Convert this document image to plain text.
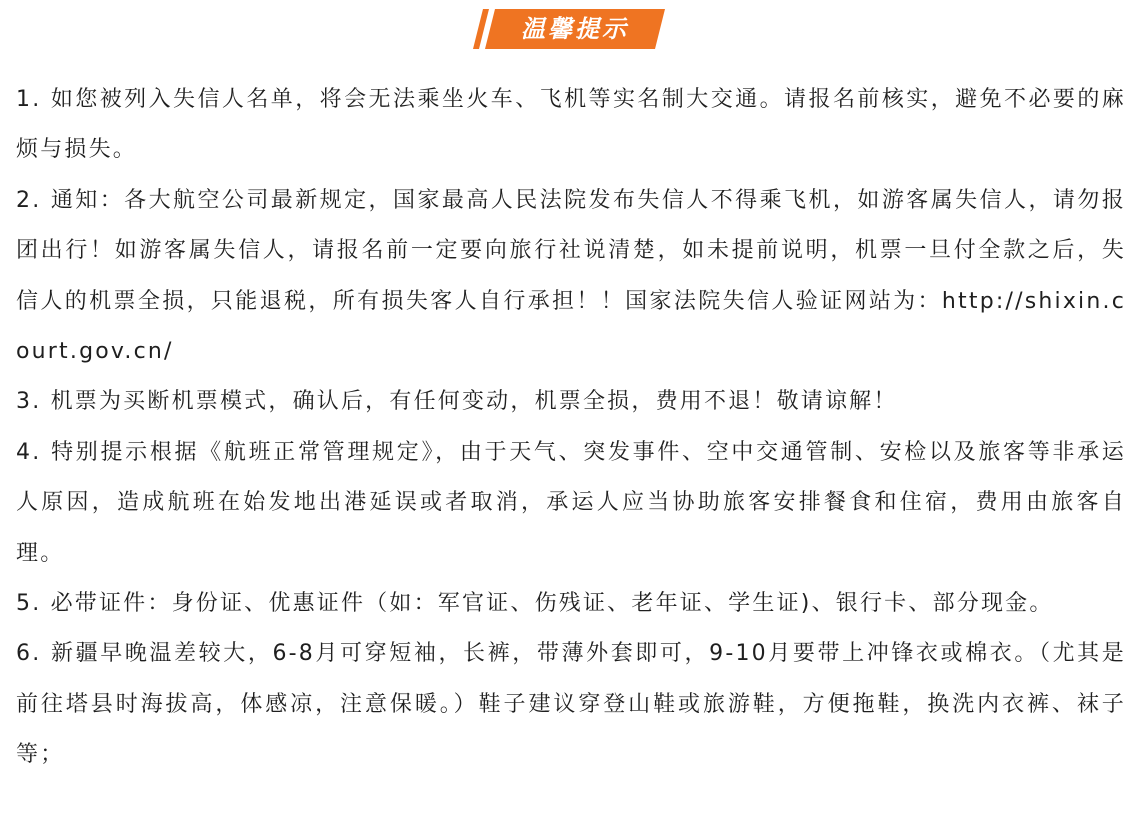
温馨提示

1. 如您被列入失信人名单，将会无法乘坐火车、飞机等实名制大交通。请报名前核实，避免不必要的麻烦与损失。

2. 通知：各大航空公司最新规定，国家最高人民法院发布失信人不得乘飞机，如游客属失信人，请勿报团出行！如游客属失信人，请报名前一定要向旅行社说清楚，如未提前说明，机票一旦付全款之后，失信人的机票全损，只能退税，所有损失客人自行承担！！国家法院失信人验证网站为：http://shixin.court.gov.cn/

3. 机票为买断机票模式，确认后，有任何变动，机票全损，费用不退！敬请谅解！

4. 特别提示根据《航班正常管理规定》，由于天气、突发事件、空中交通管制、安检以及旅客等非承运人原因，造成航班在始发地出港延误或者取消，承运人应当协助旅客安排餐食和住宿，费用由旅客自理。

5. 必带证件：身份证、优惠证件（如：军官证、伤残证、老年证、学生证)、银行卡、部分现金。

6. 新疆早晚温差较大，6-8月可穿短袖，长裤，带薄外套即可，9-10月要带上冲锋衣或棉衣。（尤其是前往塔县时海拔高，体感凉，注意保暖。）鞋子建议穿登山鞋或旅游鞋，方便拖鞋，换洗内衣裤、袜子等；
